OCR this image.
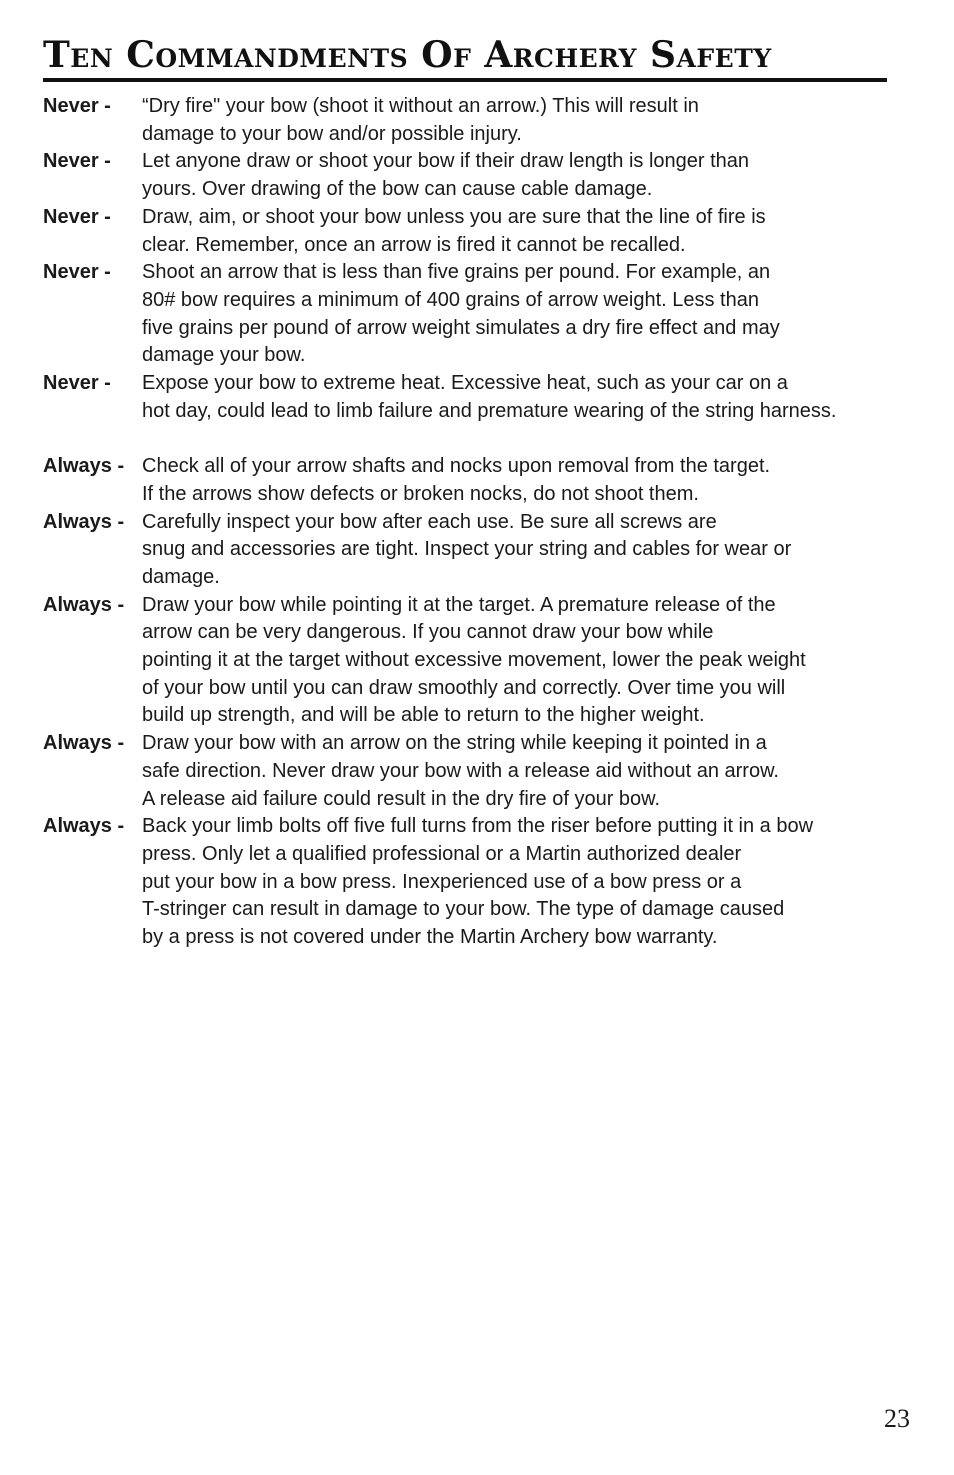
Ten Commandments Of Archery Safety
Never -	“Dry fire" your bow (shoot it without an arrow.) This will result in
damage to your bow and/or possible injury.
Never -	Let anyone draw or shoot your bow if their draw length is longer than
yours. Over drawing of the bow can cause cable damage.
Never -	Draw, aim, or shoot your bow unless you are sure that the line of fire is
clear. Remember, once an arrow is fired it cannot be recalled.
Never -	Shoot an arrow that is less than five grains per pound. For example, an
80# bow requires a minimum of 400 grains of arrow weight. Less than
five grains per pound of arrow weight simulates a dry fire effect and may
damage your bow.
Never -	Expose your bow to extreme heat. Excessive heat, such as your car on a
hot day, could lead to limb failure and premature wearing of the string harness.
Always - Check all of your arrow shafts and nocks upon removal from the target.
If the arrows show defects or broken nocks, do not shoot them.
Always - Carefully inspect your bow after each use. Be sure all screws are
snug and accessories are tight. Inspect your string and cables for wear or
damage.
Always - Draw your bow while pointing it at the target. A premature release of the
arrow can be very dangerous. If you cannot draw your bow while
pointing it at the target without excessive movement, lower the peak weight
of your bow until you can draw smoothly and correctly. Over time you will
build up strength, and will be able to return to the higher weight.
Always - Draw your bow with an arrow on the string while keeping it pointed in a
safe direction. Never draw your bow with a release aid without an arrow.
A release aid failure could result in the dry fire of your bow.
Always - Back your limb bolts off five full turns from the riser before putting it in a bow
press. Only let a qualified professional or a Martin authorized dealer
put your bow in a bow press. Inexperienced use of a bow press or a
T-stringer can result in damage to your bow. The type of damage caused
by a press is not covered under the Martin Archery bow warranty.
23
